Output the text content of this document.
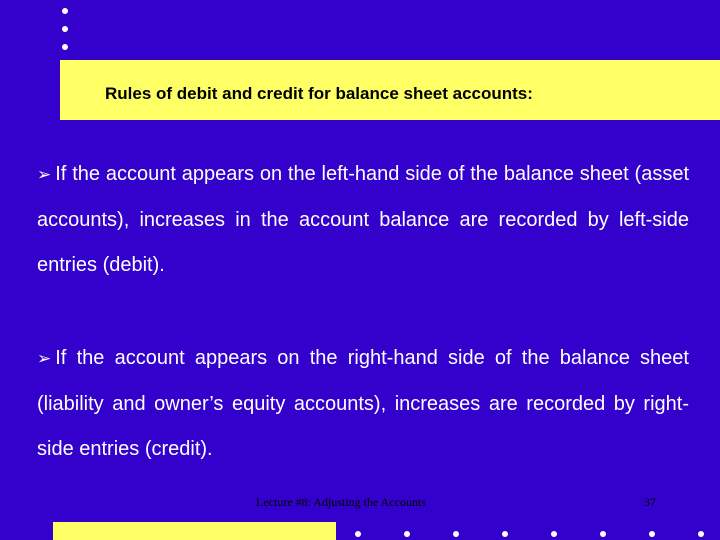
Rules of debit and credit for balance sheet accounts:
➢ If the account appears on the left-hand side of the balance sheet (asset accounts), increases in the account balance are recorded by left-side entries (debit).
➢ If the account appears on the right-hand side of the balance sheet (liability and owner’s equity accounts), increases are recorded by right-side entries (credit).
Lecture #8: Adjusting the Accounts	37
